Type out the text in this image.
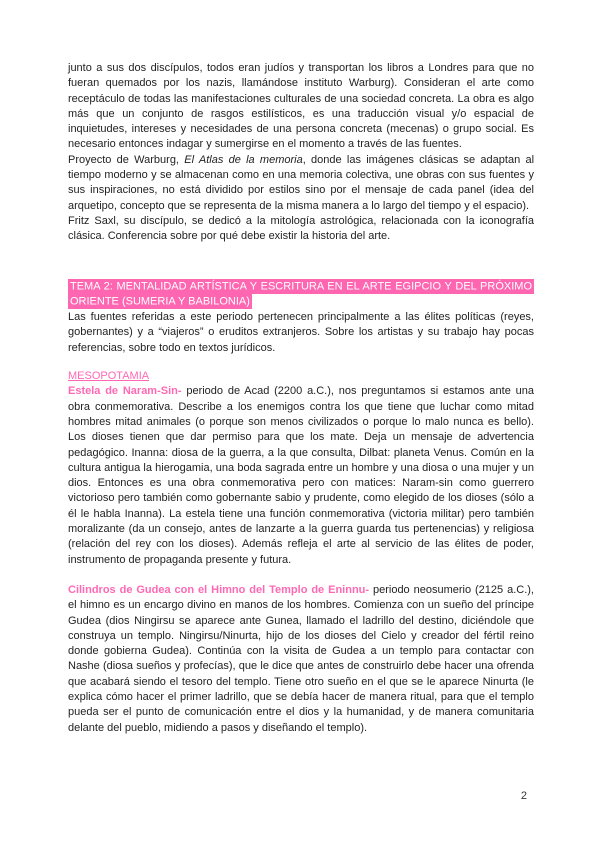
junto a sus dos discípulos, todos eran judíos y transportan los libros a Londres para que no fueran quemados por los nazis, llamándose instituto Warburg). Consideran el arte como receptáculo de todas las manifestaciones culturales de una sociedad concreta. La obra es algo más que un conjunto de rasgos estilísticos, es una traducción visual y/o espacial de inquietudes, intereses y necesidades de una persona concreta (mecenas) o grupo social. Es necesario entonces indagar y sumergirse en el momento a través de las fuentes.

Proyecto de Warburg, El Atlas de la memoria, donde las imágenes clásicas se adaptan al tiempo moderno y se almacenan como en una memoria colectiva, une obras con sus fuentes y sus inspiraciones, no está dividido por estilos sino por el mensaje de cada panel (idea del arquetipo, concepto que se representa de la misma manera a lo largo del tiempo y el espacio).

Fritz Saxl, su discípulo, se dedicó a la mitología astrológica, relacionada con la iconografía clásica. Conferencia sobre por qué debe existir la historia del arte.

TEMA 2: MENTALIDAD ARTÍSTICA Y ESCRITURA EN EL ARTE EGIPCIO Y DEL PRÓXIMO ORIENTE (SUMERIA Y BABILONIA)

Las fuentes referidas a este periodo pertenecen principalmente a las élites políticas (reyes, gobernantes) y a “viajeros” o eruditos extranjeros. Sobre los artistas y su trabajo hay pocas referencias, sobre todo en textos jurídicos.

MESOPOTAMIA

Estela de Naram-Sin- periodo de Acad (2200 a.C.), nos preguntamos si estamos ante una obra conmemorativa. Describe a los enemigos contra los que tiene que luchar como mitad hombres mitad animales (o porque son menos civilizados o porque lo malo nunca es bello). Los dioses tienen que dar permiso para que los mate. Deja un mensaje de advertencia pedagógico. Inanna: diosa de la guerra, a la que consulta, Dilbat: planeta Venus. Común en la cultura antigua la hierogamia, una boda sagrada entre un hombre y una diosa o una mujer y un dios. Entonces es una obra conmemorativa pero con matices: Naram-sin como guerrero victorioso pero también como gobernante sabio y prudente, como elegido de los dioses (sólo a él le habla Inanna). La estela tiene una función conmemorativa (victoria militar) pero también moralizante (da un consejo, antes de lanzarte a la guerra guarda tus pertenencias) y religiosa (relación del rey con los dioses). Además refleja el arte al servicio de las élites de poder, instrumento de propaganda presente y futura.

Cilindros de Gudea con el Himno del Templo de Eninnu- periodo neosumerio (2125 a.C.), el himno es un encargo divino en manos de los hombres. Comienza con un sueño del príncipe Gudea (dios Ningirsu se aparece ante Gunea, llamado el ladrillo del destino, diciéndole que construya un templo. Ningirsu/Ninurta, hijo de los dioses del Cielo y creador del fértil reino donde gobierna Gudea). Continúa con la visita de Gudea a un templo para contactar con Nashe (diosa sueños y profecías), que le dice que antes de construirlo debe hacer una ofrenda que acabará siendo el tesoro del templo. Tiene otro sueño en el que se le aparece Ninurta (le explica cómo hacer el primer ladrillo, que se debía hacer de manera ritual, para que el templo pueda ser el punto de comunicación entre el dios y la humanidad, y de manera comunitaria delante del pueblo, midiendo a pasos y diseñando el templo).

2
